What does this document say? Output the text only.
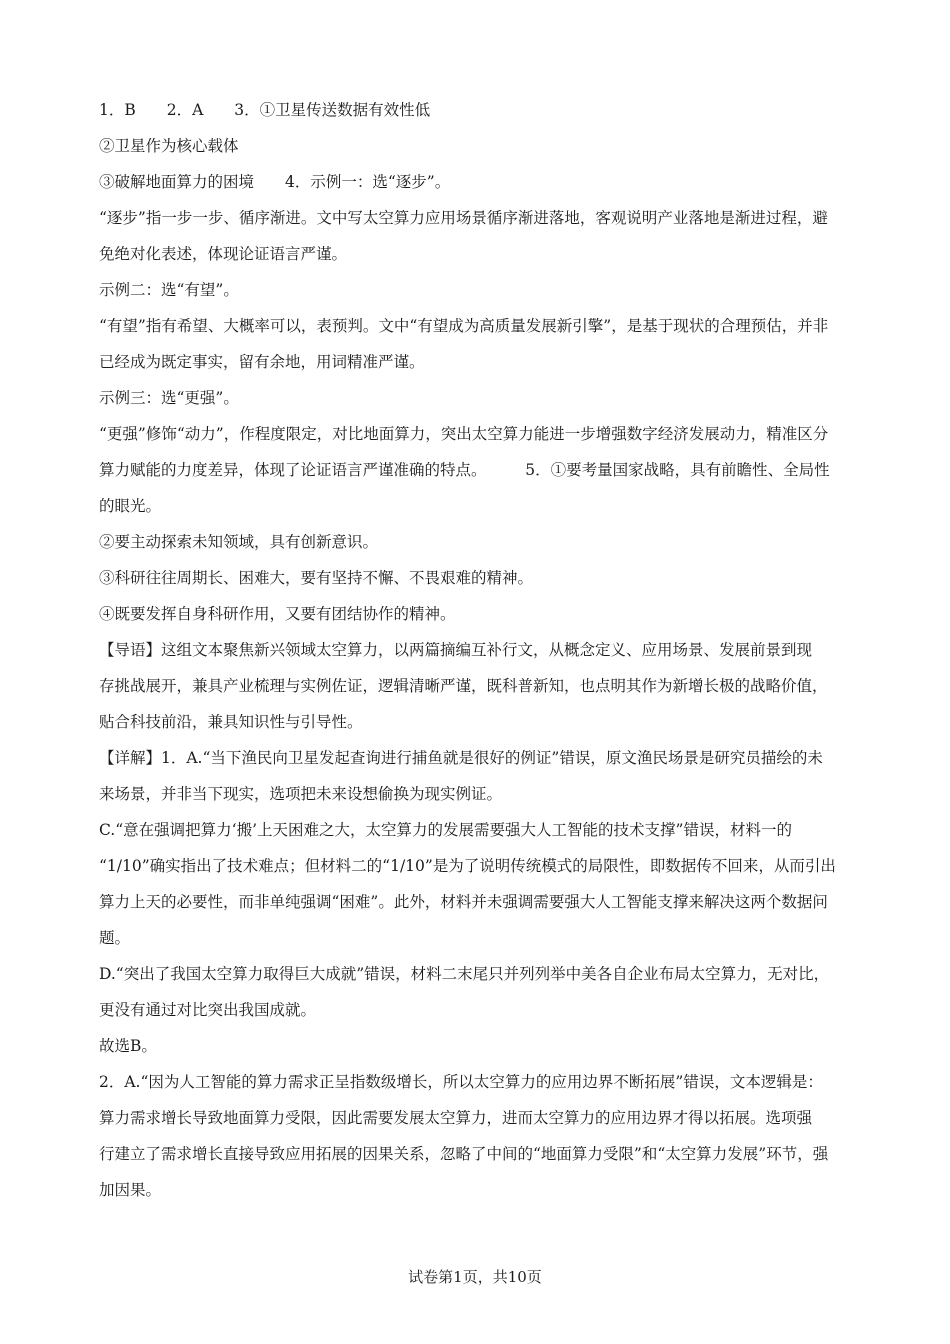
1．B　　2．A　　3．①卫星传送数据有效性低
②卫星作为核心载体
③破解地面算力的困境　　4．示例一：选“逐步”。
“逐步”指一步一步、循序渐进。文中写太空算力应用场景循序渐进落地，客观说明产业落地是渐进过程，避
免绝对化表述，体现论证语言严谨。
示例二：选“有望”。
“有望”指有希望、大概率可以，表预判。文中“有望成为高质量发展新引擎”，是基于现状的合理预估，并非
已经成为既定事实，留有余地，用词精准严谨。
示例三：选“更强”。
“更强”修饰“动力”，作程度限定，对比地面算力，突出太空算力能进一步增强数字经济发展动力，精准区分
算力赋能的力度差异，体现了论证语言严谨准确的特点。　　　5．①要考量国家战略，具有前瞻性、全局性
的眼光。
②要主动探索未知领域，具有创新意识。
③科研往往周期长、困难大，要有坚持不懈、不畏艰难的精神。
④既要发挥自身科研作用，又要有团结协作的精神。
【导语】这组文本聚焦新兴领域太空算力，以两篇摘编互补行文，从概念定义、应用场景、发展前景到现
存挑战展开，兼具产业梳理与实例佐证，逻辑清晰严谨，既科普新知，也点明其作为新增长极的战略价值，
贴合科技前沿，兼具知识性与引导性。
【详解】1．A.“当下渔民向卫星发起查询进行捕鱼就是很好的例证”错误，原文渔民场景是研究员描绘的未
来场景，并非当下现实，选项把未来设想偷换为现实例证。
C.“意在强调把算力‘搬’上天困难之大，太空算力的发展需要强大人工智能的技术支撑”错误，材料一的
“1/10”确实指出了技术难点；但材料二的“1/10”是为了说明传统模式的局限性，即数据传不回来，从而引出
算力上天的必要性，而非单纯强调“困难”。此外，材料并未强调需要强大人工智能支撑来解决这两个数据问
题。
D.“突出了我国太空算力取得巨大成就”错误，材料二末尾只并列列举中美各自企业布局太空算力，无对比，
更没有通过对比突出我国成就。
故选B。
2．A.“因为人工智能的算力需求正呈指数级增长，所以太空算力的应用边界不断拓展”错误，文本逻辑是：
算力需求增长导致地面算力受限，因此需要发展太空算力，进而太空算力的应用边界才得以拓展。选项强
行建立了需求增长直接导致应用拓展的因果关系，忽略了中间的“地面算力受限”和“太空算力发展”环节，强
加因果。
试卷第1页，共10页
